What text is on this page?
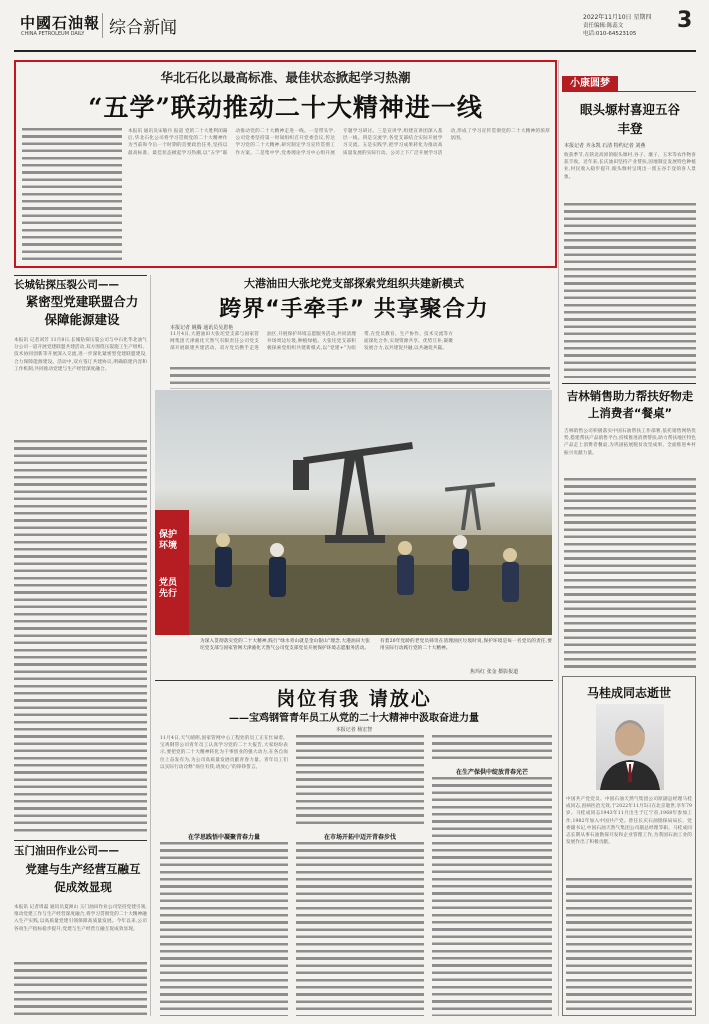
中國石油報
CHINA PETROLEUM DAILY 综合新闻
2022年11月10日 星期四
责任编辑:陈蕊文
电话:010-64523105
3
华北石化以最高标准、最佳状态掀起学习热潮
“五学”联动推动二十大精神进一线
本报讯 通讯员宋敏丹 报道 党的二十大胜利闭幕后,华北石化公司将学习贯彻党的二十大精神作为当前和今后一个时期的首要政治任务,坚持以最高标准、最佳状态掀起学习热潮,以“五学”联动推动党的二十大精神走进一线。一是带头学,公司党委坚持第一时间组织召开党委会议,传达学习党的二十大精神,研究制定学习宣传贯彻工作方案。二是集中学,党委理论学习中心组开展专题学习研讨。三是宣讲学,组建宣讲团深入基层一线。四是交流学,各党支部结合实际开展学习交流。五是实践学,把学习成果转化为推动高质量发展的实际行动。公司上下广泛开展学习活动,形成了学习宣传贯彻党的二十大精神的浓厚氛围。
长城钻探压裂公司——
紧密型党建联盟合力保障能源建设
本报讯 记者刘芳 11月8日,长城钻探压裂公司与中石化华北油气分公司一道开展党建联盟共建活动,双方围绕压裂施工生产组织、技术协同创新等开展深入交流,进一步深化紧密型党建联盟建设,合力保障能源建设。活动中,双方签订共建协议,明确联建内容和工作机制,共同推动党建与生产经营深度融合。
玉门油田作业公司——
党建与生产经营互融互促成效显现
本报讯 记者周磊 通讯员夏洲山 玉门油田作业公司坚持党建引领,推动党建工作与生产经营深度融合,将学习贯彻党的二十大精神融入生产实践,以高质量党建引领保障高质量发展。今年以来,公司各项生产指标稳步提升,党建与生产经营互融互促成效显现。
大港油田大张坨党支部探索党组织共建新模式
跨界“手牵手” 共享聚合力
本报记者 姚腾 通讯员吴恩艳
11月4日,大港油田大张坨党支部与国家管网集团天津液化天然气有限责任公司党支部开展联建共建活动。双方党员携手走进油区,开展保护环境志愿服务活动,共同清理井场周边垃圾,种植绿植。大张坨党支部积极探索党组织共建新模式,以“党建+”为纽带,在党员教育、生产协作、技术交流等方面深化合作,实现资源共享、优势互补,凝聚发展合力,以共建促共融,以共融促共赢。
保护环境
党员先行
为深入贯彻落实党的二十大精神,践行“绿水青山就是金山银山”理念,大港油田大张坨党支部与国家管网天津液化天然气公司党支部党员开展保护环境志愿服务活动。
有着20年党龄的老党员韩奇在清理油区垃圾时说,保护环境是每一名党员的责任,要用实际行动践行党的二十大精神。
焦玛红 张金 摄影报道
岗位有我 请放心
——宝鸡钢管青年员工从党的二十大精神中汲取奋进力量
本报记者 杨宏智
11月4日,天气晴朗,国家管网中心工程处的员工正在忙碌着。宝鸡钢管公司青年员工认真学习党的二十大报告,大家纷纷表示,要把党的二十大精神转化为干事创业的强大动力,在各自岗位上奋发有为,为公司高质量发展贡献青春力量。青年员工们以实际行动诠释“岗位有我,请放心”的铮铮誓言。
在生产保供中绽放青春光芒
在学思践悟中凝聚青春力量	在市场开拓中迈开青春步伐
小康圆梦
眼头塬村喜迎五谷丰登
本报记者 齐永凯 石清 特约记者 刘燕
收获季节,在陕北高原的眼头塬村,谷子、糜子、玉米等农作物喜获丰收。近年来,长庆油田坚持产业帮扶,因地制宜发展特色种植业,村民收入稳步提升,眼头塬村呈现出一派五谷丰登的喜人景象。
吉林销售助力帮扶好物走上消费者“餐桌”
吉林销售公司积极落实中国石油帮扶工作部署,依托销售网络优势,搭建帮扶产品销售平台,持续推进消费帮扶,助力帮扶地区特色产品走上消费者餐桌,为巩固拓展脱贫攻坚成果、全面推进乡村振兴贡献力量。
马桂成同志逝世
中国共产党党员、中国石油天然气集团公司原副总经理马桂成同志,因病医治无效,于2022年11月5日在北京逝世,享年79岁。马桂成同志1943年11月出生于辽宁省,1968年参加工作,1982年加入中国共产党。曾任长庆石油勘探局局长、党委副书记,中国石油天然气集团公司副总经理等职。马桂成同志长期从事石油勘探开发和企业管理工作,为我国石油工业的发展作出了积极贡献。
